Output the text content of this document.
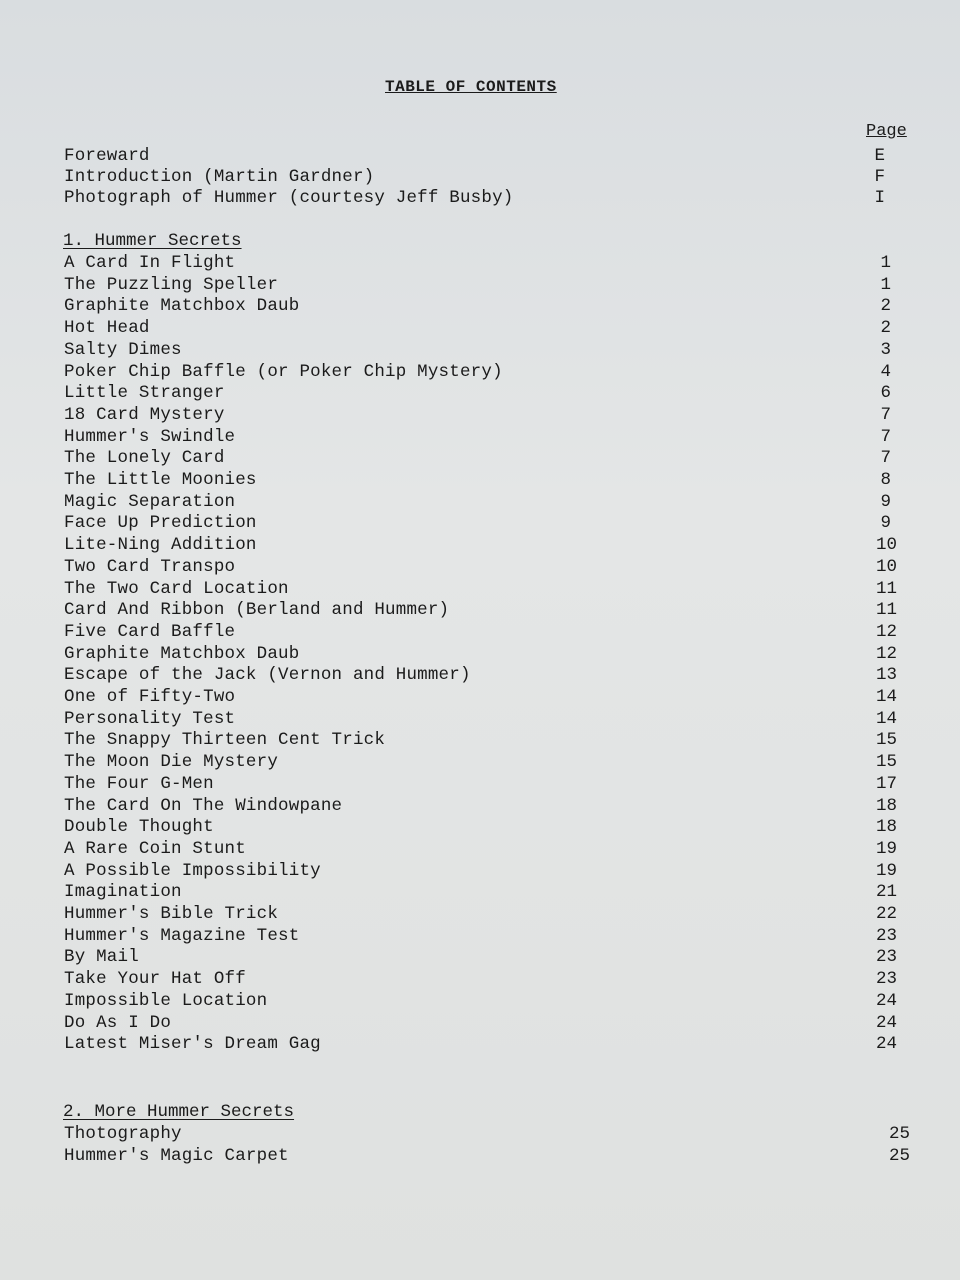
TABLE OF CONTENTS
Page
Foreward	E
Introduction (Martin Gardner)	F
Photograph of Hummer (courtesy Jeff Busby)	I
1. Hummer Secrets
A Card In Flight	1
The Puzzling Speller	1
Graphite Matchbox Daub	2
Hot Head	2
Salty Dimes	3
Poker Chip Baffle (or Poker Chip Mystery)	4
Little Stranger	6
18 Card Mystery	7
Hummer's Swindle	7
The Lonely Card	7
The Little Moonies	8
Magic Separation	9
Face Up Prediction	9
Lite-Ning Addition	10
Two Card Transpo	10
The Two Card Location	11
Card And Ribbon (Berland and Hummer)	11
Five Card Baffle	12
Graphite Matchbox Daub	12
Escape of the Jack (Vernon and Hummer)	13
One of Fifty-Two	14
Personality Test	14
The Snappy Thirteen Cent Trick	15
The Moon Die Mystery	15
The Four G-Men	17
The Card On The Windowpane	18
Double Thought	18
A Rare Coin Stunt	19
A Possible Impossibility	19
Imagination	21
Hummer's Bible Trick	22
Hummer's Magazine Test	23
By Mail	23
Take Your Hat Off	23
Impossible Location	24
Do As I Do	24
Latest Miser's Dream Gag	24
2. More Hummer Secrets
Thotography	25
Hummer's Magic Carpet	25
